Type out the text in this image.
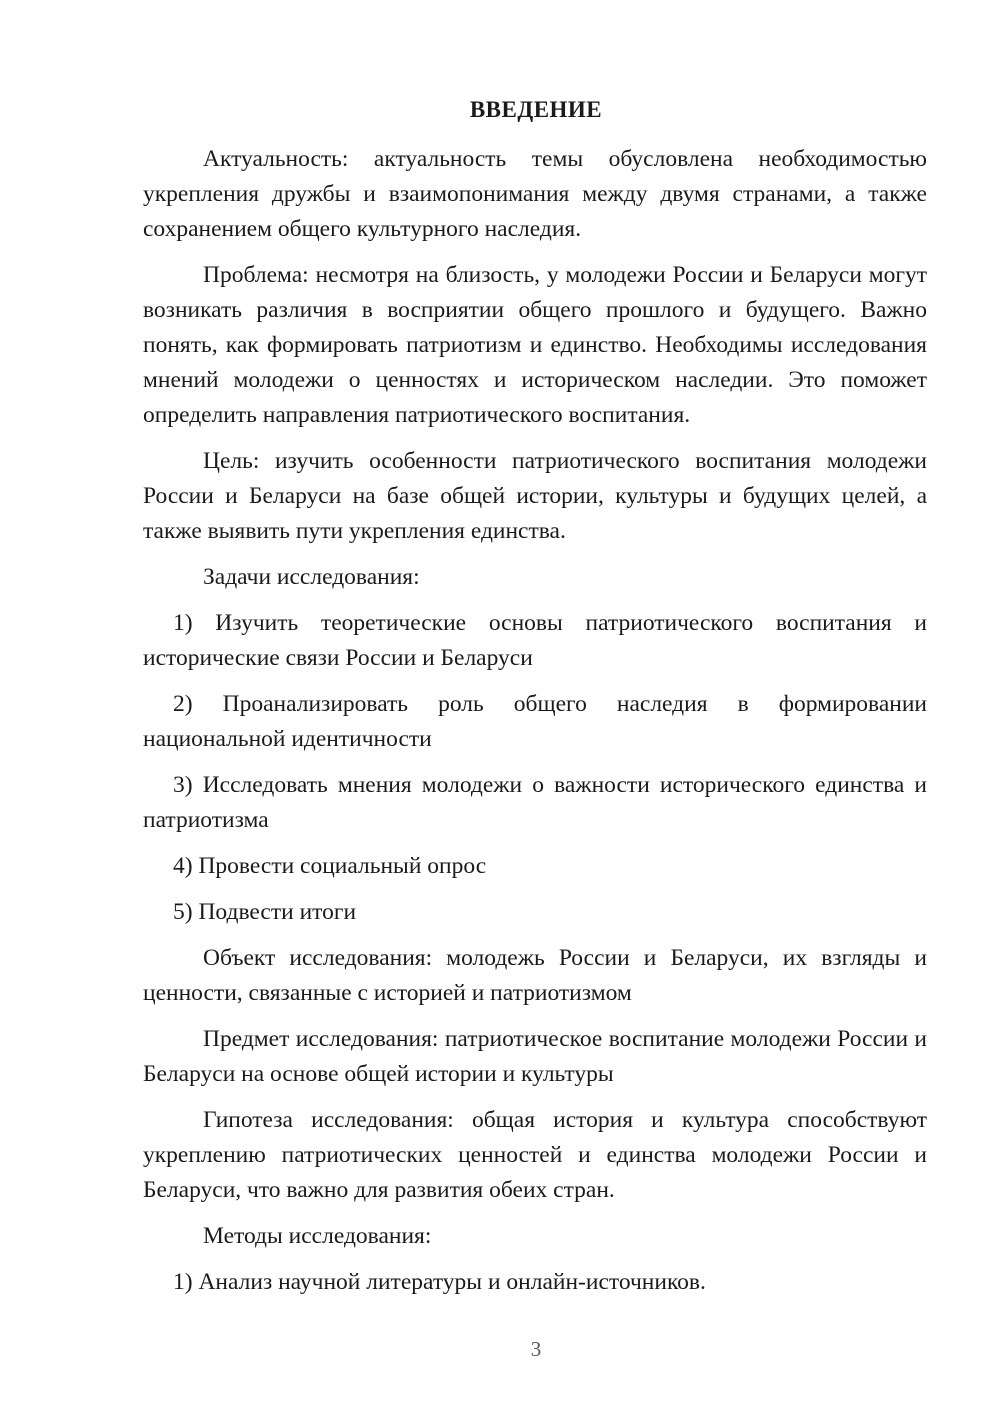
ВВЕДЕНИЕ

Актуальность: актуальность темы обусловлена необходимостью укрепления дружбы и взаимопонимания между двумя странами, а также сохранением общего культурного наследия.

Проблема: несмотря на близость, у молодежи России и Беларуси могут возникать различия в восприятии общего прошлого и будущего. Важно понять, как формировать патриотизм и единство. Необходимы исследования мнений молодежи о ценностях и историческом наследии. Это поможет определить направления патриотического воспитания.

Цель: изучить особенности патриотического воспитания молодежи России и Беларуси на базе общей истории, культуры и будущих целей, а также выявить пути укрепления единства.

Задачи исследования:

1) Изучить теоретические основы патриотического воспитания и исторические связи России и Беларуси

2) Проанализировать роль общего наследия в формировании национальной идентичности

3) Исследовать мнения молодежи о важности исторического единства и патриотизма

4) Провести социальный опрос

5) Подвести итоги

Объект исследования: молодежь России и Беларуси, их взгляды и ценности, связанные с историей и патриотизмом

Предмет исследования: патриотическое воспитание молодежи России и Беларуси на основе общей истории и культуры

Гипотеза исследования: общая история и культура способствуют укреплению патриотических ценностей и единства молодежи России и Беларуси, что важно для развития обеих стран.

Методы исследования:

1) Анализ научной литературы и онлайн-источников.

3
